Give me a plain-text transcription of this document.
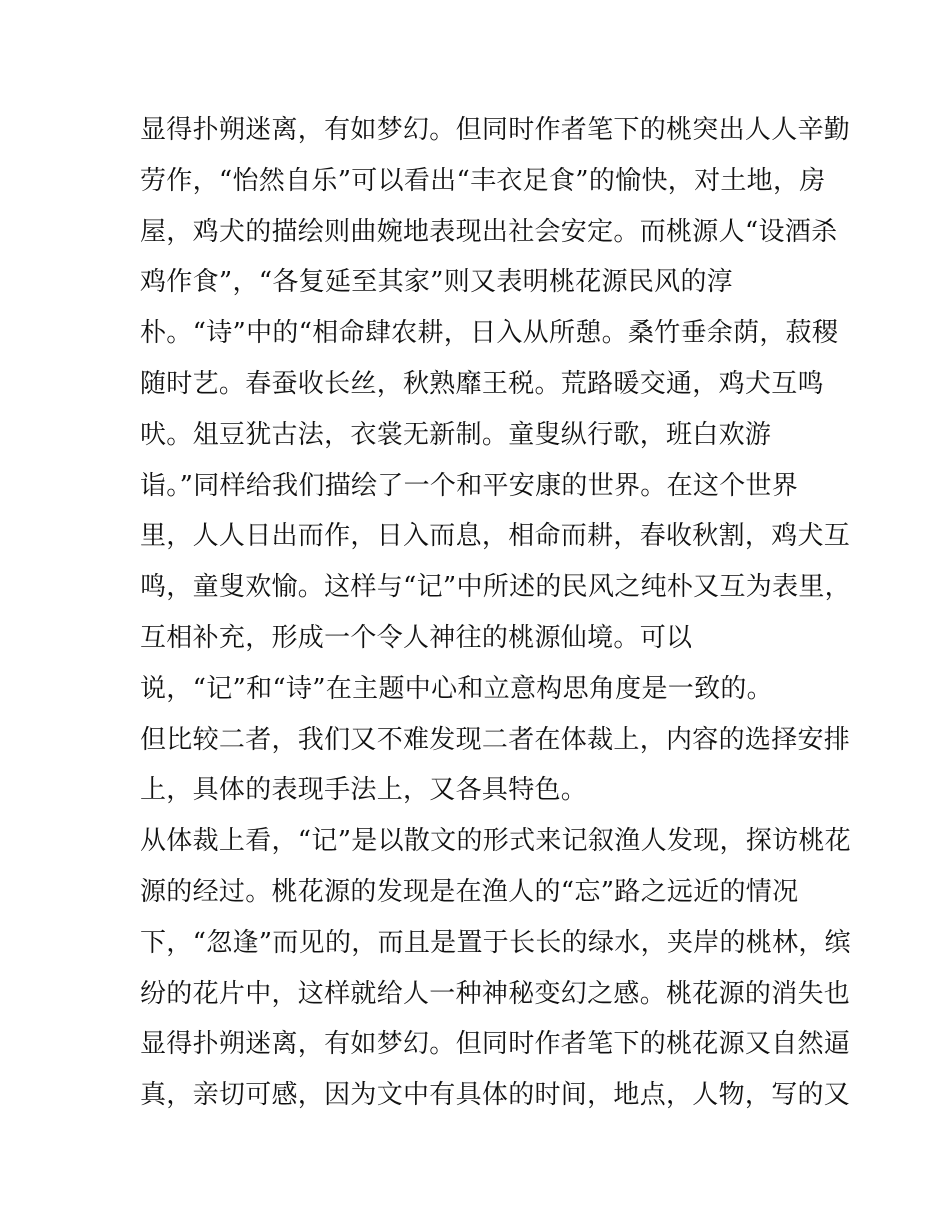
显得扑朔迷离，有如梦幻。但同时作者笔下的桃突出人人辛勤
劳作，“怡然自乐”可以看出“丰衣足食”的愉快，对土地，房
屋，鸡犬的描绘则曲婉地表现出社会安定。而桃源人“设酒杀
鸡作食”，“各复延至其家”则又表明桃花源民风的淳
朴。“诗”中的“相命肆农耕，日入从所憩。桑竹垂余荫，菽稷
随时艺。春蚕收长丝，秋熟靡王税。荒路暖交通，鸡犬互鸣
吠。俎豆犹古法，衣裳无新制。童叟纵行歌，班白欢游
诣。”同样给我们描绘了一个和平安康的世界。在这个世界
里，人人日出而作，日入而息，相命而耕，春收秋割，鸡犬互
鸣，童叟欢愉。这样与“记”中所述的民风之纯朴又互为表里，
互相补充，形成一个令人神往的桃源仙境。可以
说，“记”和“诗”在主题中心和立意构思角度是一致的。
但比较二者，我们又不难发现二者在体裁上，内容的选择安排
上，具体的表现手法上，又各具特色。
从体裁上看，“记”是以散文的形式来记叙渔人发现，探访桃花
源的经过。桃花源的发现是在渔人的“忘”路之远近的情况
下，“忽逢”而见的，而且是置于长长的绿水，夹岸的桃林，缤
纷的花片中，这样就给人一种神秘变幻之感。桃花源的消失也
显得扑朔迷离，有如梦幻。但同时作者笔下的桃花源又自然逼
真，亲切可感，因为文中有具体的时间，地点，人物，写的又
